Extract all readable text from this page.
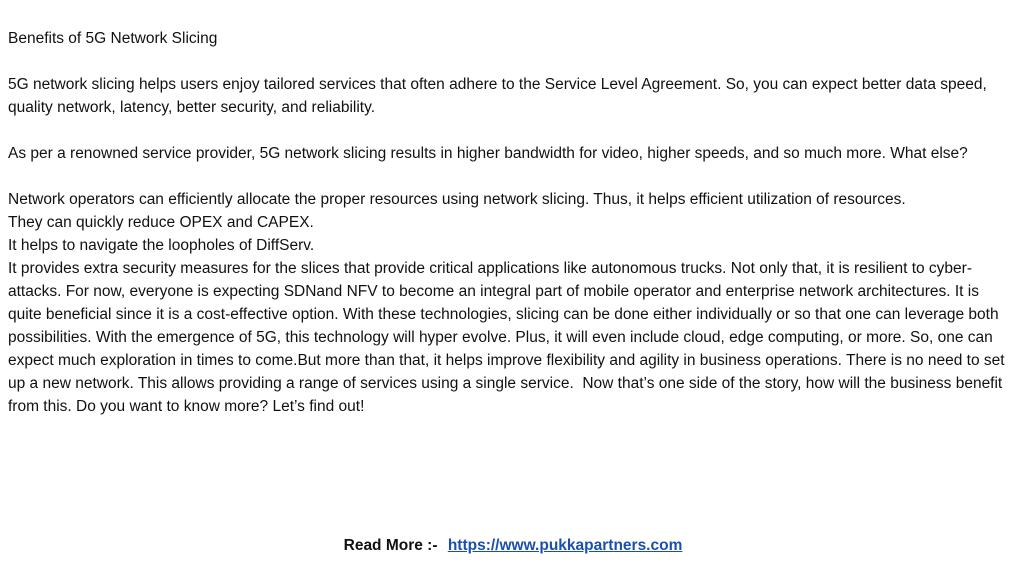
Benefits of 5G Network Slicing

5G network slicing helps users enjoy tailored services that often adhere to the Service Level Agreement. So, you can expect better data speed, quality network, latency, better security, and reliability.

As per a renowned service provider, 5G network slicing results in higher bandwidth for video, higher speeds, and so much more. What else?

Network operators can efficiently allocate the proper resources using network slicing. Thus, it helps efficient utilization of resources.

They can quickly reduce OPEX and CAPEX.

It helps to navigate the loopholes of DiffServ.

It provides extra security measures for the slices that provide critical applications like autonomous trucks. Not only that, it is resilient to cyber-attacks. For now, everyone is expecting SDNand NFV to become an integral part of mobile operator and enterprise network architectures. It is quite beneficial since it is a cost-effective option. With these technologies, slicing can be done either individually or so that one can leverage both possibilities. With the emergence of 5G, this technology will hyper evolve. Plus, it will even include cloud, edge computing, or more. So, one can expect much exploration in times to come.But more than that, it helps improve flexibility and agility in business operations. There is no need to set up a new network. This allows providing a range of services using a single service.  Now that’s one side of the story, how will the business benefit from this. Do you want to know more? Let’s find out!

Read More :- https://www.pukkapartners.com
